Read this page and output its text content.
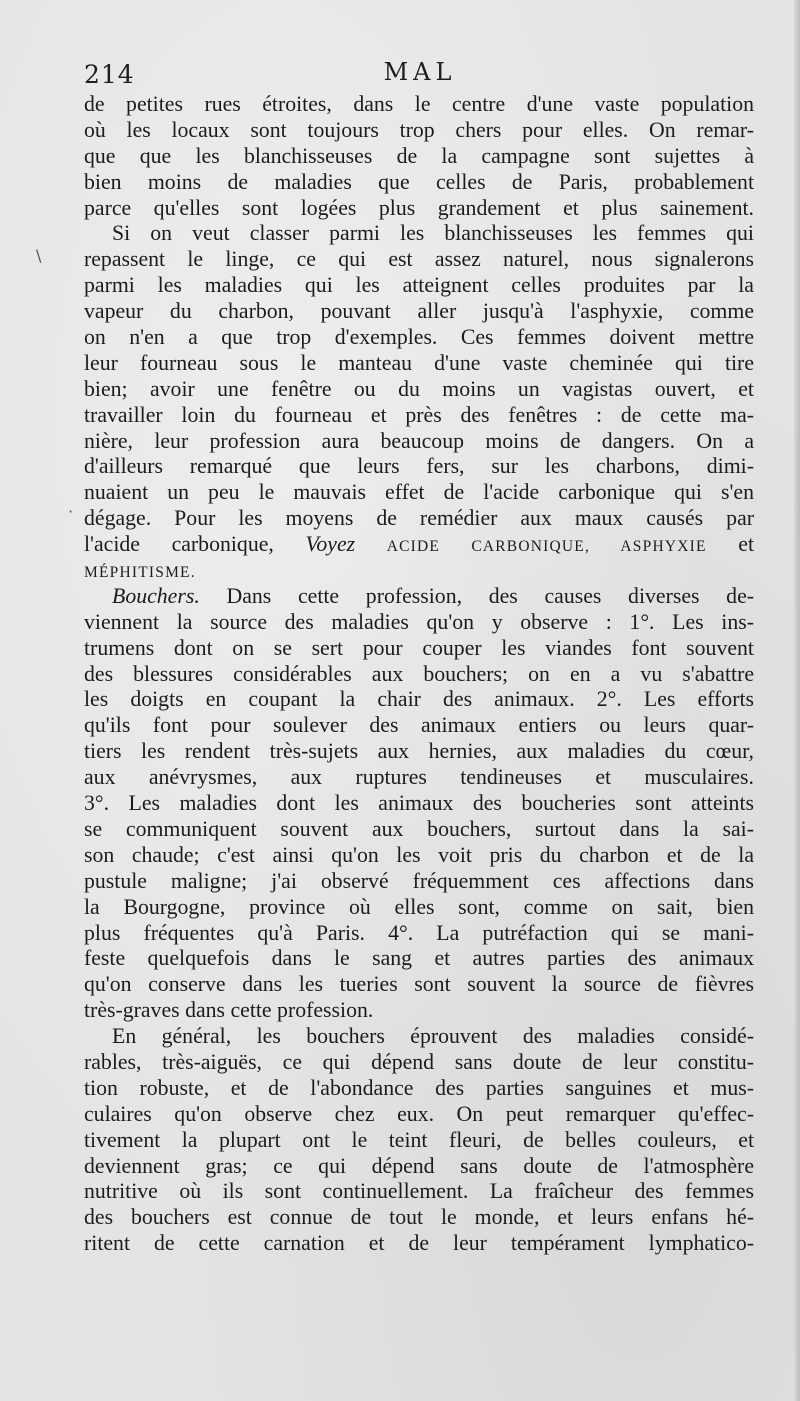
214	MAL
de petites rues étroites, dans le centre d'une vaste population
où les locaux sont toujours trop chers pour elles. On remar-
que que les blanchisseuses de la campagne sont sujettes à
bien moins de maladies que celles de Paris, probablement
parce qu'elles sont logées plus grandement et plus sainement.
Si on veut classer parmi les blanchisseuses les femmes qui
repassent le linge, ce qui est assez naturel, nous signalerons
parmi les maladies qui les atteignent celles produites par la
vapeur du charbon, pouvant aller jusqu'à l'asphyxie, comme
on n'en a que trop d'exemples. Ces femmes doivent mettre
leur fourneau sous le manteau d'une vaste cheminée qui tire
bien; avoir une fenêtre ou du moins un vagistas ouvert, et
travailler loin du fourneau et près des fenêtres : de cette ma-
nière, leur profession aura beaucoup moins de dangers. On a
d'ailleurs remarqué que leurs fers, sur les charbons, dimi-
nuaient un peu le mauvais effet de l'acide carbonique qui s'en
dégage. Pour les moyens de remédier aux maux causés par
l'acide carbonique, Voyez ACIDE CARBONIQUE, ASPHYXIE et
MÉPHITISME.
Bouchers. Dans cette profession, des causes diverses de-
viennent la source des maladies qu'on y observe : 1°. Les ins-
trumens dont on se sert pour couper les viandes font souvent
des blessures considérables aux bouchers; on en a vu s'abattre
les doigts en coupant la chair des animaux. 2°. Les efforts
qu'ils font pour soulever des animaux entiers ou leurs quar-
tiers les rendent très-sujets aux hernies, aux maladies du cœur,
aux anévrysmes, aux ruptures tendineuses et musculaires.
3°. Les maladies dont les animaux des boucheries sont atteints
se communiquent souvent aux bouchers, surtout dans la sai-
son chaude; c'est ainsi qu'on les voit pris du charbon et de la
pustule maligne; j'ai observé fréquemment ces affections dans
la Bourgogne, province où elles sont, comme on sait, bien
plus fréquentes qu'à Paris. 4°. La putréfaction qui se mani-
feste quelquefois dans le sang et autres parties des animaux
qu'on conserve dans les tueries sont souvent la source de fièvres
très-graves dans cette profession.
En général, les bouchers éprouvent des maladies considé-
rables, très-aiguës, ce qui dépend sans doute de leur constitu-
tion robuste, et de l'abondance des parties sanguines et mus-
culaires qu'on observe chez eux. On peut remarquer qu'effec-
tivement la plupart ont le teint fleuri, de belles couleurs, et
deviennent gras; ce qui dépend sans doute de l'atmosphère
nutritive où ils sont continuellement. La fraîcheur des femmes
des bouchers est connue de tout le monde, et leurs enfans hé-
ritent de cette carnation et de leur tempérament lymphatico-
\
·
